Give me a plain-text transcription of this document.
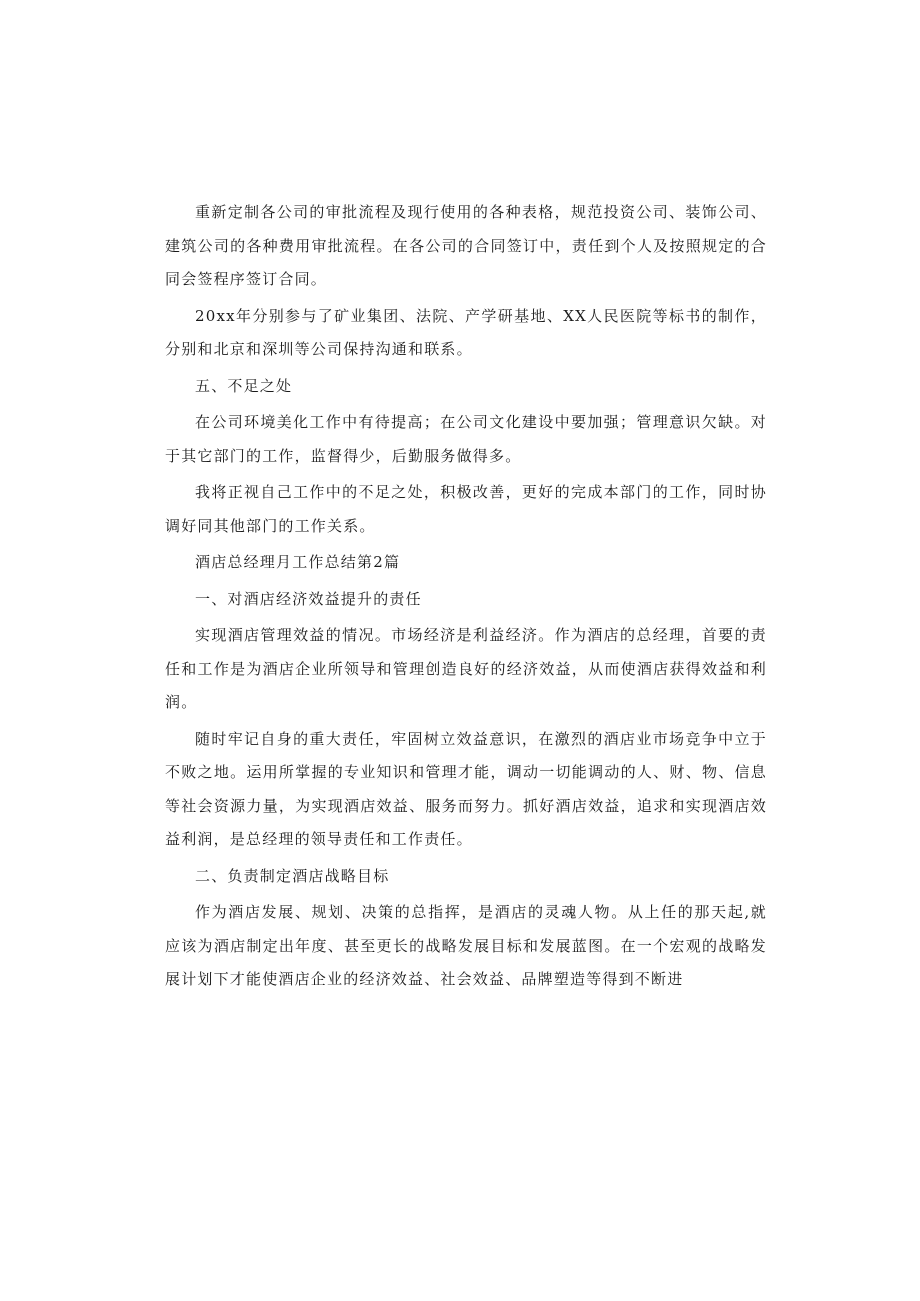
重新定制各公司的审批流程及现行使用的各种表格，规范投资公司、装饰公司、建筑公司的各种费用审批流程。在各公司的合同签订中，责任到个人及按照规定的合同会签程序签订合同。

20xx年分别参与了矿业集团、法院、产学研基地、XX人民医院等标书的制作，分别和北京和深圳等公司保持沟通和联系。

五、不足之处

在公司环境美化工作中有待提高；在公司文化建设中要加强；管理意识欠缺。对于其它部门的工作，监督得少，后勤服务做得多。

我将正视自己工作中的不足之处，积极改善，更好的完成本部门的工作，同时协调好同其他部门的工作关系。

酒店总经理月工作总结第2篇

一、对酒店经济效益提升的责任

实现酒店管理效益的情况。市场经济是利益经济。作为酒店的总经理，首要的责任和工作是为酒店企业所领导和管理创造良好的经济效益，从而使酒店获得效益和利润。

随时牢记自身的重大责任，牢固树立效益意识，在激烈的酒店业市场竞争中立于不败之地。运用所掌握的专业知识和管理才能，调动一切能调动的人、财、物、信息等社会资源力量，为实现酒店效益、服务而努力。抓好酒店效益，追求和实现酒店效益利润，是总经理的领导责任和工作责任。

二、负责制定酒店战略目标

作为酒店发展、规划、决策的总指挥，是酒店的灵魂人物。从上任的那天起,就应该为酒店制定出年度、甚至更长的战略发展目标和发展蓝图。在一个宏观的战略发展计划下才能使酒店企业的经济效益、社会效益、品牌塑造等得到不断进
